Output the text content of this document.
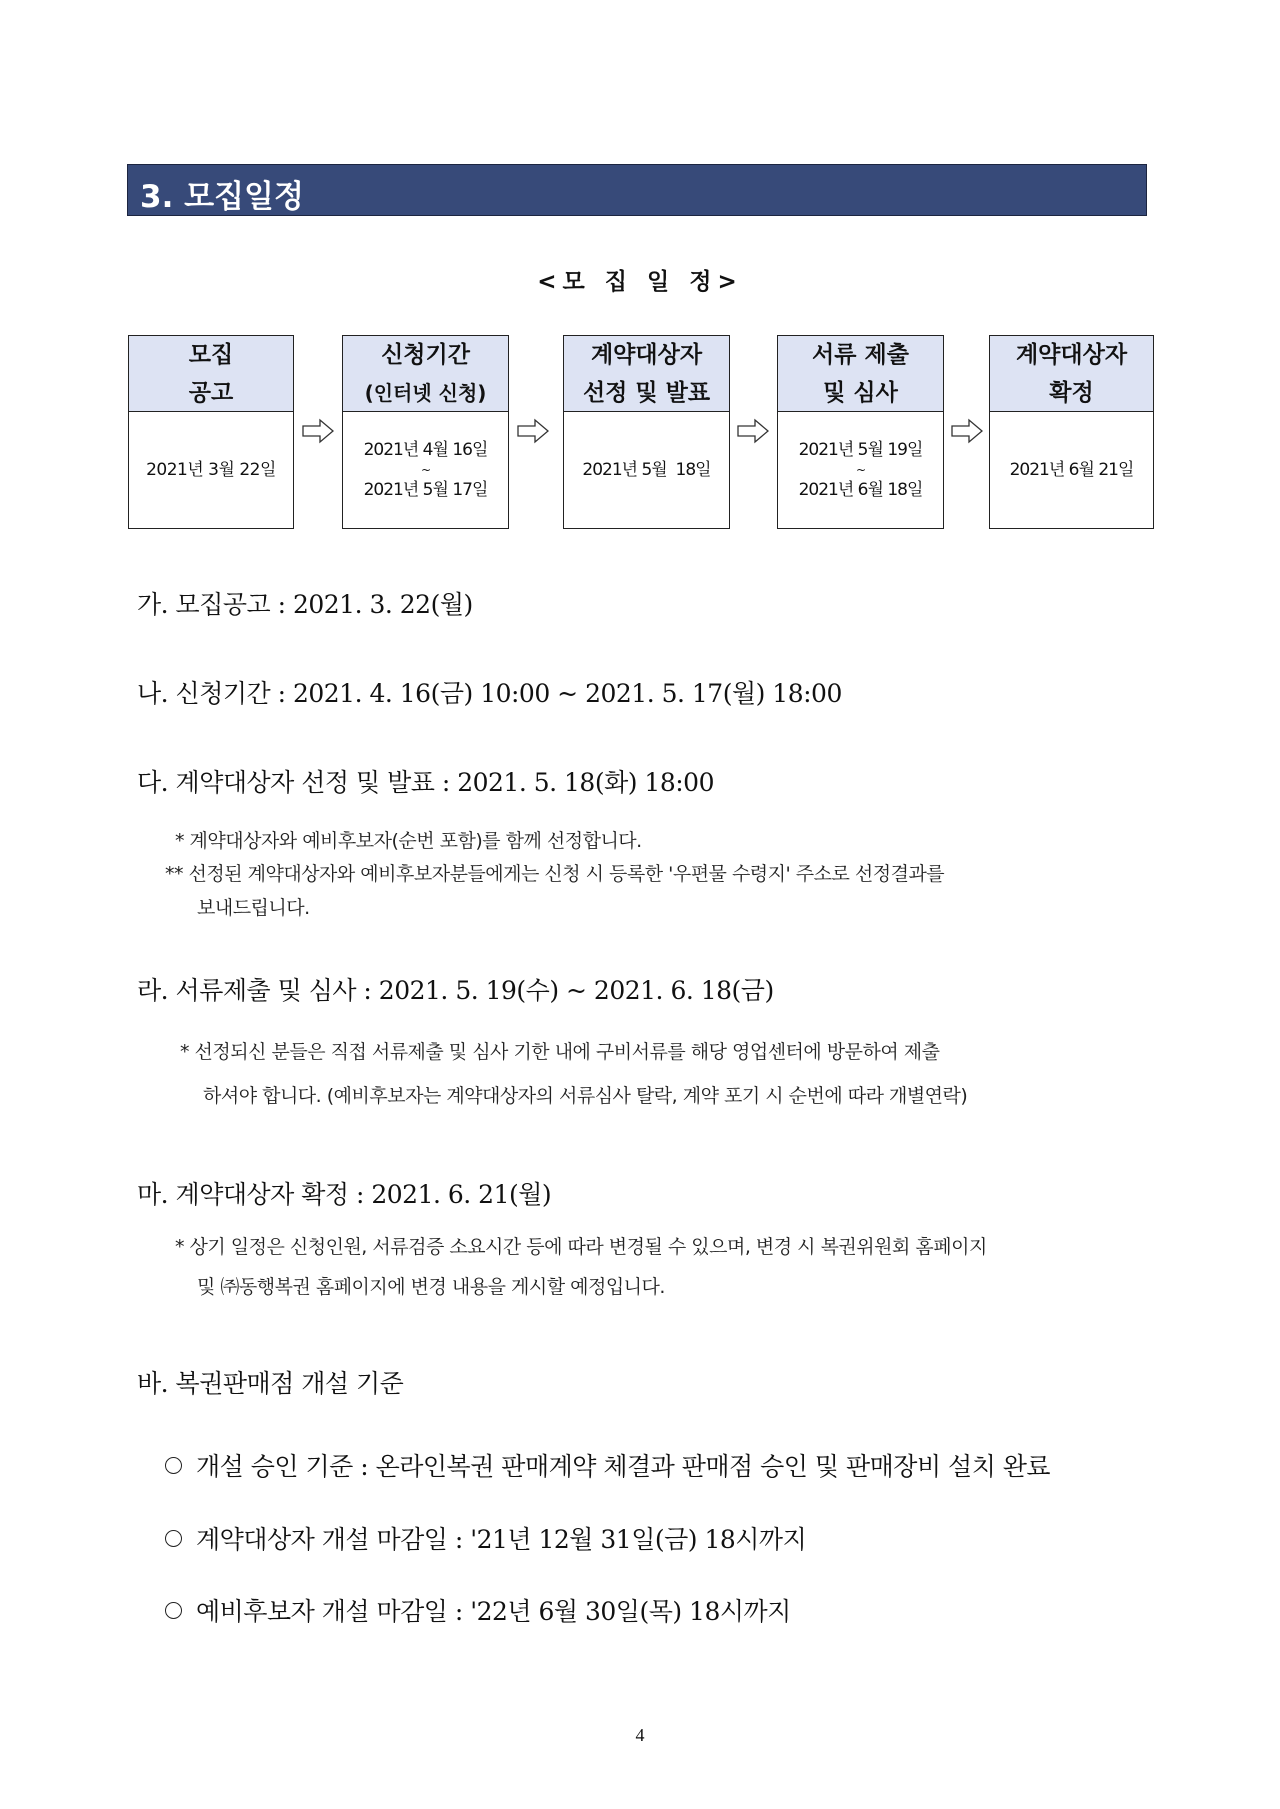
3. 모집일정
<모 집 일 정>
모집
공고
2021년 3월 22일
신청기간
(인터넷 신청)
2021년 4월 16일
~
2021년 5월 17일
계약대상자
선정 및 발표
2021년 5월  18일
서류 제출
및 심사
2021년 5월 19일
~
2021년 6월 18일
계약대상자
확정
2021년 6월 21일
가. 모집공고 : 2021. 3. 22(월)
나. 신청기간 : 2021. 4. 16(금) 10:00 ~ 2021. 5. 17(월) 18:00
다. 계약대상자 선정 및 발표 : 2021. 5. 18(화) 18:00
* 계약대상자와 예비후보자(순번 포함)를 함께 선정합니다.
** 선정된 계약대상자와 예비후보자분들에게는 신청 시 등록한 '우편물 수령지' 주소로 선정결과를
보내드립니다.
라. 서류제출 및 심사 : 2021. 5. 19(수) ~ 2021. 6. 18(금)
* 선정되신 분들은 직접 서류제출 및 심사 기한 내에 구비서류를 해당 영업센터에 방문하여 제출
하셔야 합니다. (예비후보자는 계약대상자의 서류심사 탈락, 계약 포기 시 순번에 따라 개별연락)
마. 계약대상자 확정 : 2021. 6. 21(월)
* 상기 일정은 신청인원, 서류검증 소요시간 등에 따라 변경될 수 있으며, 변경 시 복권위원회 홈페이지
및 ㈜동행복권 홈페이지에 변경 내용을 게시할 예정입니다.
바. 복권판매점 개설 기준
개설 승인 기준 : 온라인복권 판매계약 체결과 판매점 승인 및 판매장비 설치 완료
계약대상자 개설 마감일 : '21년 12월 31일(금) 18시까지
예비후보자 개설 마감일 : '22년 6월 30일(목) 18시까지
4
